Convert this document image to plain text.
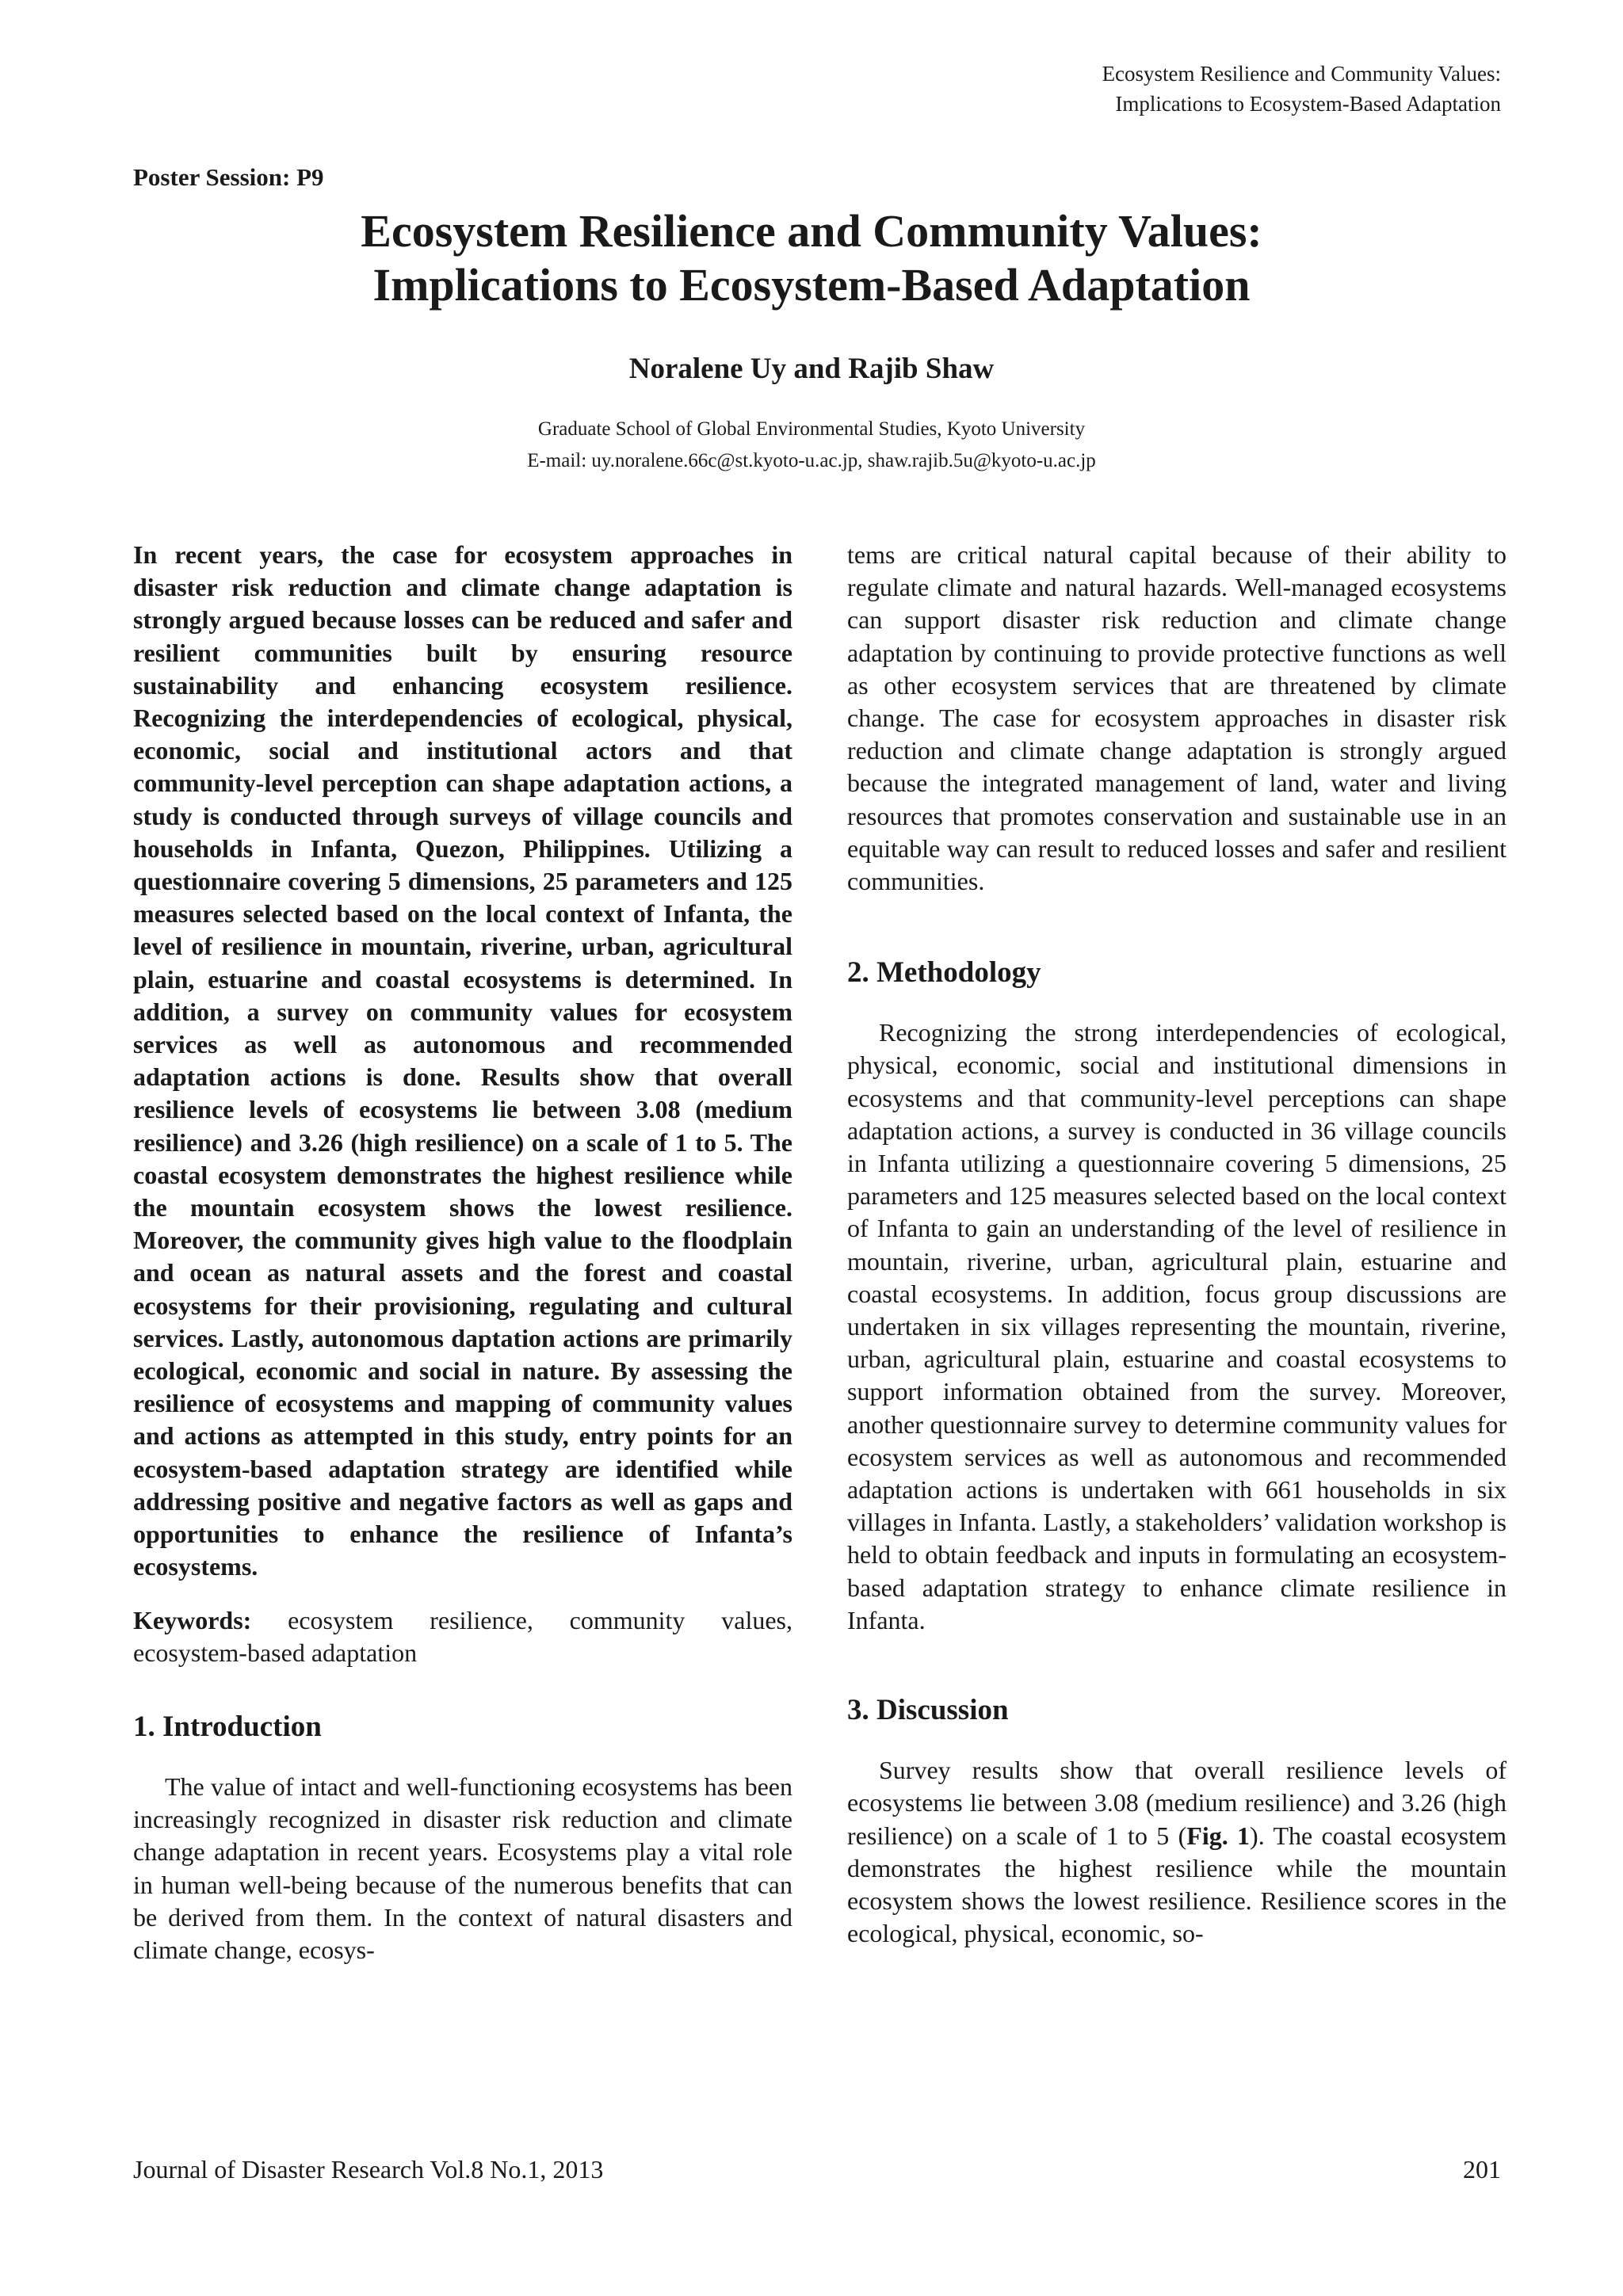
Ecosystem Resilience and Community Values:
Implications to Ecosystem-Based Adaptation
Poster Session: P9
Ecosystem Resilience and Community Values:
Implications to Ecosystem-Based Adaptation
Noralene Uy and Rajib Shaw
Graduate School of Global Environmental Studies, Kyoto University
E-mail: uy.noralene.66c@st.kyoto-u.ac.jp, shaw.rajib.5u@kyoto-u.ac.jp

In recent years, the case for ecosystem approaches in disaster risk reduction and climate change adaptation is strongly argued because losses can be reduced and safer and resilient communities built by ensuring resource sustainability and enhancing ecosystem resilience. Recognizing the interdependencies of ecological, physical, economic, social and institutional actors and that community-level perception can shape adaptation actions, a study is conducted through surveys of village councils and households in Infanta, Quezon, Philippines. Utilizing a questionnaire covering 5 dimensions, 25 parameters and 125 measures selected based on the local context of Infanta, the level of resilience in mountain, riverine, urban, agricultural plain, estuarine and coastal ecosystems is determined. In addition, a survey on community values for ecosystem services as well as autonomous and recommended adaptation actions is done. Results show that overall resilience levels of ecosystems lie between 3.08 (medium resilience) and 3.26 (high resilience) on a scale of 1 to 5. The coastal ecosystem demonstrates the highest resilience while the mountain ecosystem shows the lowest resilience. Moreover, the community gives high value to the floodplain and ocean as natural assets and the forest and coastal ecosystems for their provisioning, regulating and cultural services. Lastly, autonomous daptation actions are primarily ecological, economic and social in nature. By assessing the resilience of ecosystems and mapping of community values and actions as attempted in this study, entry points for an ecosystem-based adaptation strategy are identified while addressing positive and negative factors as well as gaps and opportunities to enhance the resilience of Infanta’s ecosystems.

Keywords: ecosystem resilience, community values, ecosystem-based adaptation

1. Introduction

The value of intact and well-functioning ecosystems has been increasingly recognized in disaster risk reduction and climate change adaptation in recent years. Ecosystems play a vital role in human well-being because of the numerous benefits that can be derived from them. In the context of natural disasters and climate change, ecosys-

tems are critical natural capital because of their ability to regulate climate and natural hazards. Well-managed ecosystems can support disaster risk reduction and climate change adaptation by continuing to provide protective functions as well as other ecosystem services that are threatened by climate change. The case for ecosystem approaches in disaster risk reduction and climate change adaptation is strongly argued because the integrated management of land, water and living resources that promotes conservation and sustainable use in an equitable way can result to reduced losses and safer and resilient communities.

2. Methodology

Recognizing the strong interdependencies of ecological, physical, economic, social and institutional dimensions in ecosystems and that community-level perceptions can shape adaptation actions, a survey is conducted in 36 village councils in Infanta utilizing a questionnaire covering 5 dimensions, 25 parameters and 125 measures selected based on the local context of Infanta to gain an understanding of the level of resilience in mountain, riverine, urban, agricultural plain, estuarine and coastal ecosystems. In addition, focus group discussions are undertaken in six villages representing the mountain, riverine, urban, agricultural plain, estuarine and coastal ecosystems to support information obtained from the survey. Moreover, another questionnaire survey to determine community values for ecosystem services as well as autonomous and recommended adaptation actions is undertaken with 661 households in six villages in Infanta. Lastly, a stakeholders’ validation workshop is held to obtain feedback and inputs in formulating an ecosystem-based adaptation strategy to enhance climate resilience in Infanta.

3. Discussion

Survey results show that overall resilience levels of ecosystems lie between 3.08 (medium resilience) and 3.26 (high resilience) on a scale of 1 to 5 (Fig. 1). The coastal ecosystem demonstrates the highest resilience while the mountain ecosystem shows the lowest resilience. Resilience scores in the ecological, physical, economic, so-

Journal of Disaster Research Vol.8 No.1, 2013	201
